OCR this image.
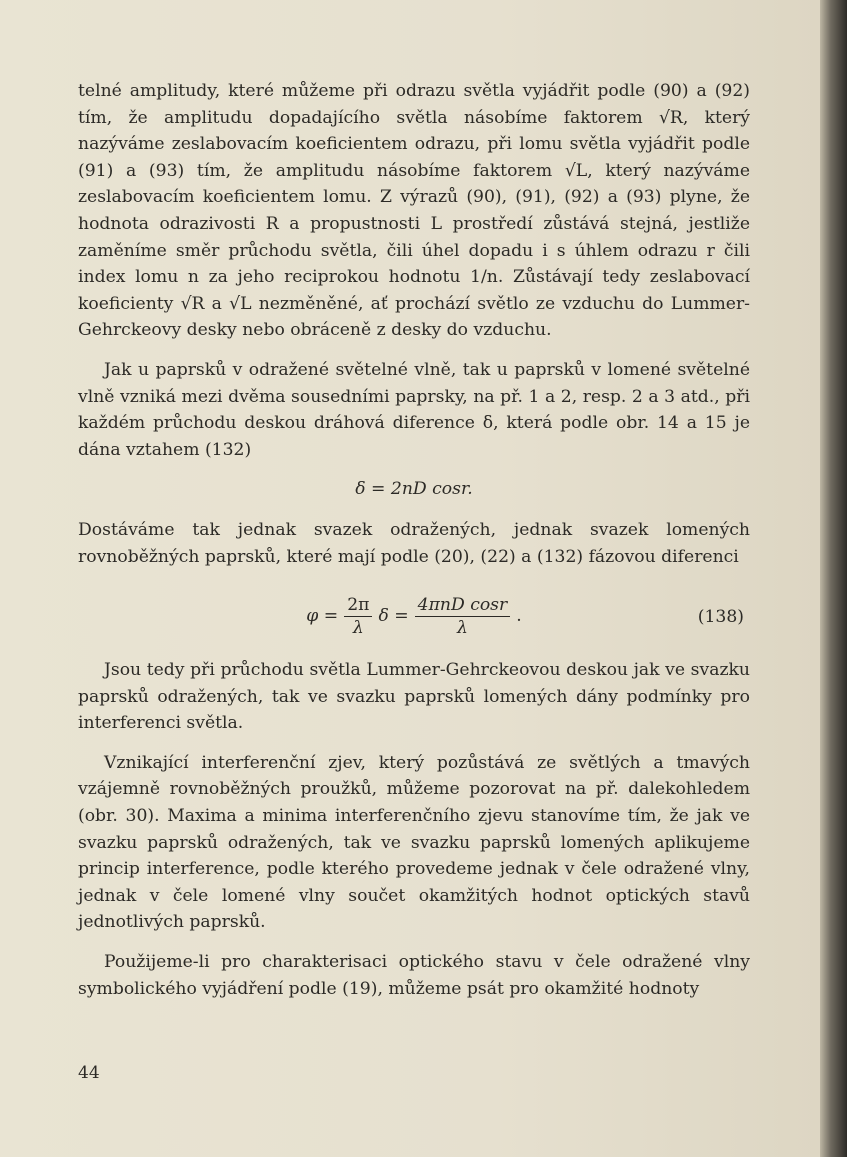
telné amplitudy, které můžeme při odrazu světla vyjádřit podle (90) a (92) tím, že amplitudu dopadajícího světla násobíme faktorem √R, který nazýváme zeslabovacím koeficientem odrazu, při lomu světla vyjádřit podle (91) a (93) tím, že amplitudu násobíme faktorem √L, který nazýváme zeslabovacím koeficientem lomu. Z výrazů (90), (91), (92) a (93) plyne, že hodnota odrazivosti R a propustnosti L prostředí zůstává stejná, jestliže zaměníme směr průchodu světla, čili úhel dopadu i s úhlem odrazu r čili index lomu n za jeho reciprokou hodnotu 1/n. Zůstávají tedy zeslabovací koeficienty √R a √L nezměněné, ať prochází světlo ze vzduchu do Lummer-Gehrckeovy desky nebo obráceně z desky do vzduchu.

Jak u paprsků v odražené světelné vlně, tak u paprsků v lomené světelné vlně vzniká mezi dvěma sousedními paprsky, na př. 1 a 2, resp. 2 a 3 atd., při každém průchodu deskou dráhová diference δ, která podle obr. 14 a 15 je dána vztahem (132)

δ = 2nD cosr.

Dostáváme tak jednak svazek odražených, jednak svazek lomených rovnoběžných paprsků, které mají podle (20), (22) a (132) fázovou diferenci

$\varphi = \frac{2\pi}{\lambda}$ $\delta = \frac{\text{4πnD cosr}}{\lambda}$ .	(138)

Jsou tedy při průchodu světla Lummer-Gehrckeovou deskou jak ve svazku paprsků odražených, tak ve svazku paprsků lomených dány podmínky pro interferenci světla.

Vznikající interferenční zjev, který pozůstává ze světlých a tmavých vzájemně rovnoběžných proužků, můžeme pozorovat na př. dalekohledem (obr. 30). Maxima a minima interferenčního zjevu stanovíme tím, že jak ve svazku paprsků odražených, tak ve svazku paprsků lomených aplikujeme princip interference, podle kterého provedeme jednak v čele odražené vlny, jednak v čele lomené vlny součet okamžitých hodnot optických stavů jednotlivých paprsků.

Použijeme-li pro charakterisaci optického stavu v čele odražené vlny symbolického vyjádření podle (19), můžeme psát pro okamžité hodnoty

44
